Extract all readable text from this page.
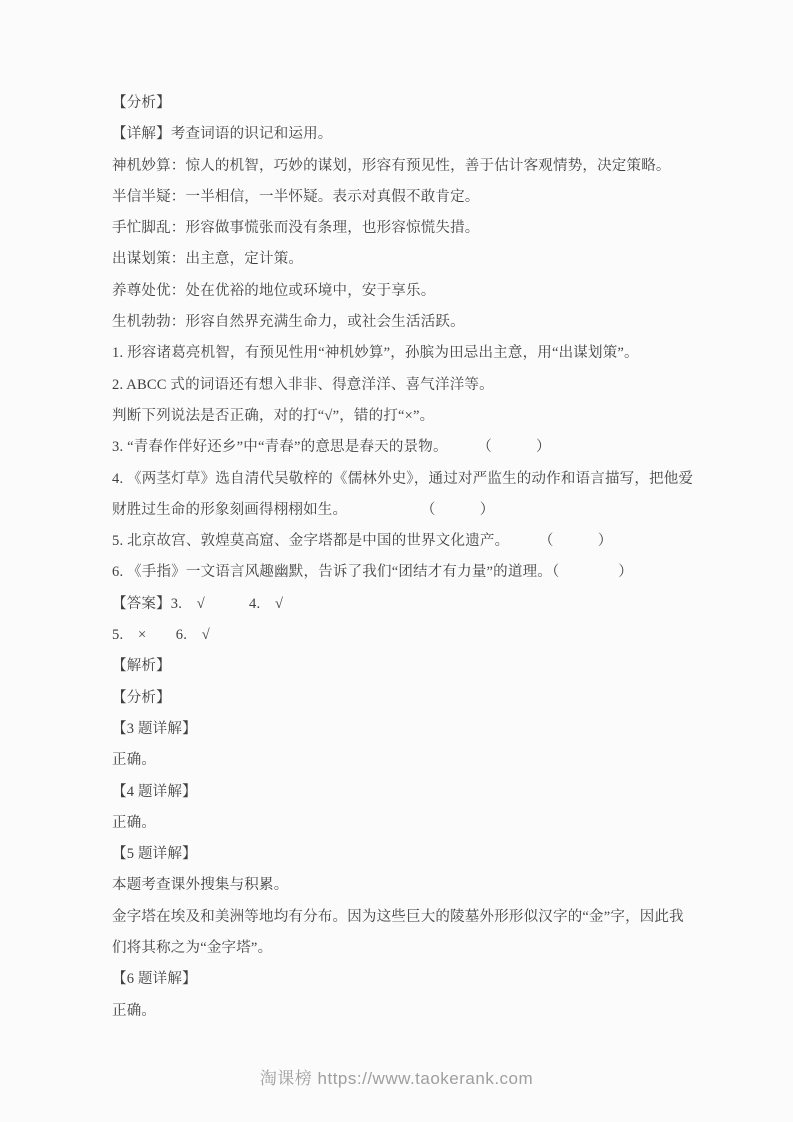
【分析】

【详解】考查词语的识记和运用。

神机妙算：惊人的机智，巧妙的谋划，形容有预见性，善于估计客观情势，决定策略。

半信半疑：一半相信，一半怀疑。表示对真假不敢肯定。

手忙脚乱：形容做事慌张而没有条理，也形容惊慌失措。

出谋划策：出主意，定计策。

养尊处优：处在优裕的地位或环境中，安于享乐。

生机勃勃：形容自然界充满生命力，或社会生活活跃。

1. 形容诸葛亮机智，有预见性用“神机妙算”，孙膑为田忌出主意，用“出谋划策”。

2. ABCC 式的词语还有想入非非、得意洋洋、喜气洋洋等。

判断下列说法是否正确，对的打“√”，错的打“×”。

3. “青春作伴好还乡”中“青春”的意思是春天的景物。　　　（　　　）

4. 《两茎灯草》选自清代吴敬梓的《儒林外史》，通过对严监生的动作和语言描写，把他爱

财胜过生命的形象刻画得栩栩如生。　　　　　　（　　　）

5. 北京故宫、敦煌莫高窟、金字塔都是中国的世界文化遗产。　　　（　　　）

6. 《手指》一文语言风趣幽默，告诉了我们“团结才有力量”的道理。（　　　　）

【答案】3.　√　　　4.　√

5.　×　　6.　√

【解析】

【分析】

【3 题详解】

正确。

【4 题详解】

正确。

【5 题详解】

本题考查课外搜集与积累。

金字塔在埃及和美洲等地均有分布。因为这些巨大的陵墓外形形似汉字的“金”字，因此我

们将其称之为“金字塔”。

【6 题详解】

正确。

淘课榜 https://www.taokerank.com
